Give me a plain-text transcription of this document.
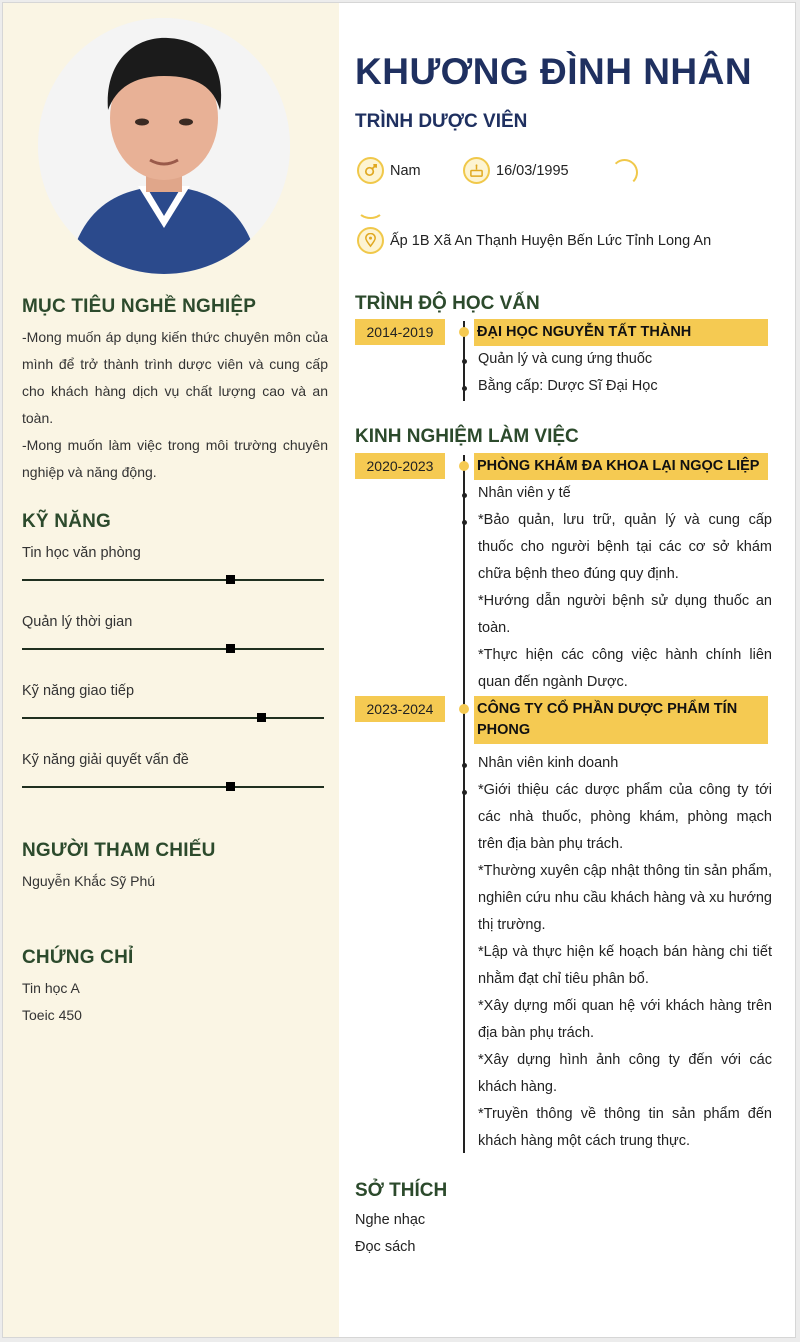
MỤC TIÊU NGHỀ NGHIỆP
-Mong muốn áp dụng kiến thức chuyên môn của mình để trở thành trình dược viên và cung cấp cho khách hàng dịch vụ chất lượng cao và an toàn.
-Mong muốn làm việc trong môi trường chuyên nghiệp và năng động.
KỸ NĂNG
Tin học văn phòng
Quản lý thời gian
Kỹ năng giao tiếp
Kỹ năng giải quyết vấn đề
NGƯỜI THAM CHIẾU
Nguyễn Khắc Sỹ Phú
CHỨNG CHỈ
Tin học A
Toeic 450
KHƯƠNG ĐÌNH NHÂN
TRÌNH DƯỢC VIÊN
Nam	16/03/1995
Ấp 1B Xã An Thạnh Huyện Bến Lức Tỉnh Long An
TRÌNH ĐỘ HỌC VẤN
2014-2019	ĐẠI HỌC NGUYỄN TẤT THÀNH
Quản lý và cung ứng thuốc
Bằng cấp: Dược Sĩ Đại Học
KINH NGHIỆM LÀM VIỆC
2020-2023	PHÒNG KHÁM ĐA KHOA LẠI NGỌC LIỆP
Nhân viên y tế
*Bảo quản, lưu trữ, quản lý và cung cấp thuốc cho người bệnh tại các cơ sở khám chữa bệnh theo đúng quy định.
*Hướng dẫn người bệnh sử dụng thuốc an toàn.
*Thực hiện các công việc hành chính liên quan đến ngành Dược.
2023-2024	CÔNG TY CỔ PHẦN DƯỢC PHẨM TÍN PHONG
Nhân viên kinh doanh
*Giới thiệu các dược phẩm của công ty tới các nhà thuốc, phòng khám, phòng mạch trên địa bàn phụ trách.
*Thường xuyên cập nhật thông tin sản phẩm, nghiên cứu nhu cầu khách hàng và xu hướng thị trường.
*Lập và thực hiện kế hoạch bán hàng chi tiết nhằm đạt chỉ tiêu phân bổ.
*Xây dựng mối quan hệ với khách hàng trên địa bàn phụ trách.
*Xây dựng hình ảnh công ty đến với các khách hàng.
*Truyền thông về thông tin sản phẩm đến khách hàng một cách trung thực.
SỞ THÍCH
Nghe nhạc
Đọc sách
